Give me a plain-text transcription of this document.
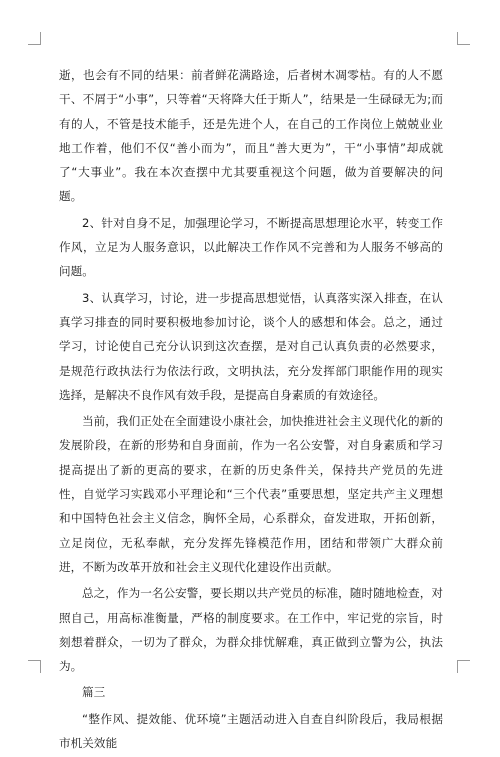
逝，也会有不同的结果：前者鲜花满路途，后者树木凋零枯。有的人不愿干、不屑于“小事”，只等着“天将降大任于斯人”，结果是一生碌碌无为;而有的人，不管是技术能手，还是先进个人，在自己的工作岗位上兢兢业业地工作着，他们不仅“善小而为”，而且“善大更为”，干“小事情”却成就了“大事业”。我在本次查摆中尤其要重视这个问题，做为首要解决的问题。

2、针对自身不足，加强理论学习，不断提高思想理论水平，转变工作作风，立足为人服务意识，以此解决工作作风不完善和为人服务不够高的问题。

3、认真学习，讨论，进一步提高思想觉悟，认真落实深入排查，在认真学习排查的同时要积极地参加讨论，谈个人的感想和体会。总之，通过学习，讨论使自己充分认识到这次查摆，是对自己认真负责的必然要求，是规范行政执法行为依法行政，文明执法，充分发挥部门职能作用的现实选择，是解决不良作风有效手段，是提高自身素质的有效途径。

当前，我们正处在全面建设小康社会，加快推进社会主义现代化的新的发展阶段，在新的形势和自身面前，作为一名公安警，对自身素质和学习提高提出了新的更高的要求，在新的历史条件关，保持共产党员的先进性，自觉学习实践邓小平理论和“三个代表”重要思想，坚定共产主义理想和中国特色社会主义信念，胸怀全局，心系群众，奋发进取，开拓创新，立足岗位，无私奉献，充分发挥先锋模范作用，团结和带领广大群众前进，不断为改革开放和社会主义现代化建设作出贡献。

总之，作为一名公安警，要长期以共产党员的标准，随时随地检查，对照自己，用高标准衡量，严格的制度要求。在工作中，牢记党的宗旨，时刻想着群众，一切为了群众，为群众排忧解难，真正做到立警为公，执法为。

篇三

“整作风、提效能、优环境”主题活动进入自查自纠阶段后，我局根据市机关效能
